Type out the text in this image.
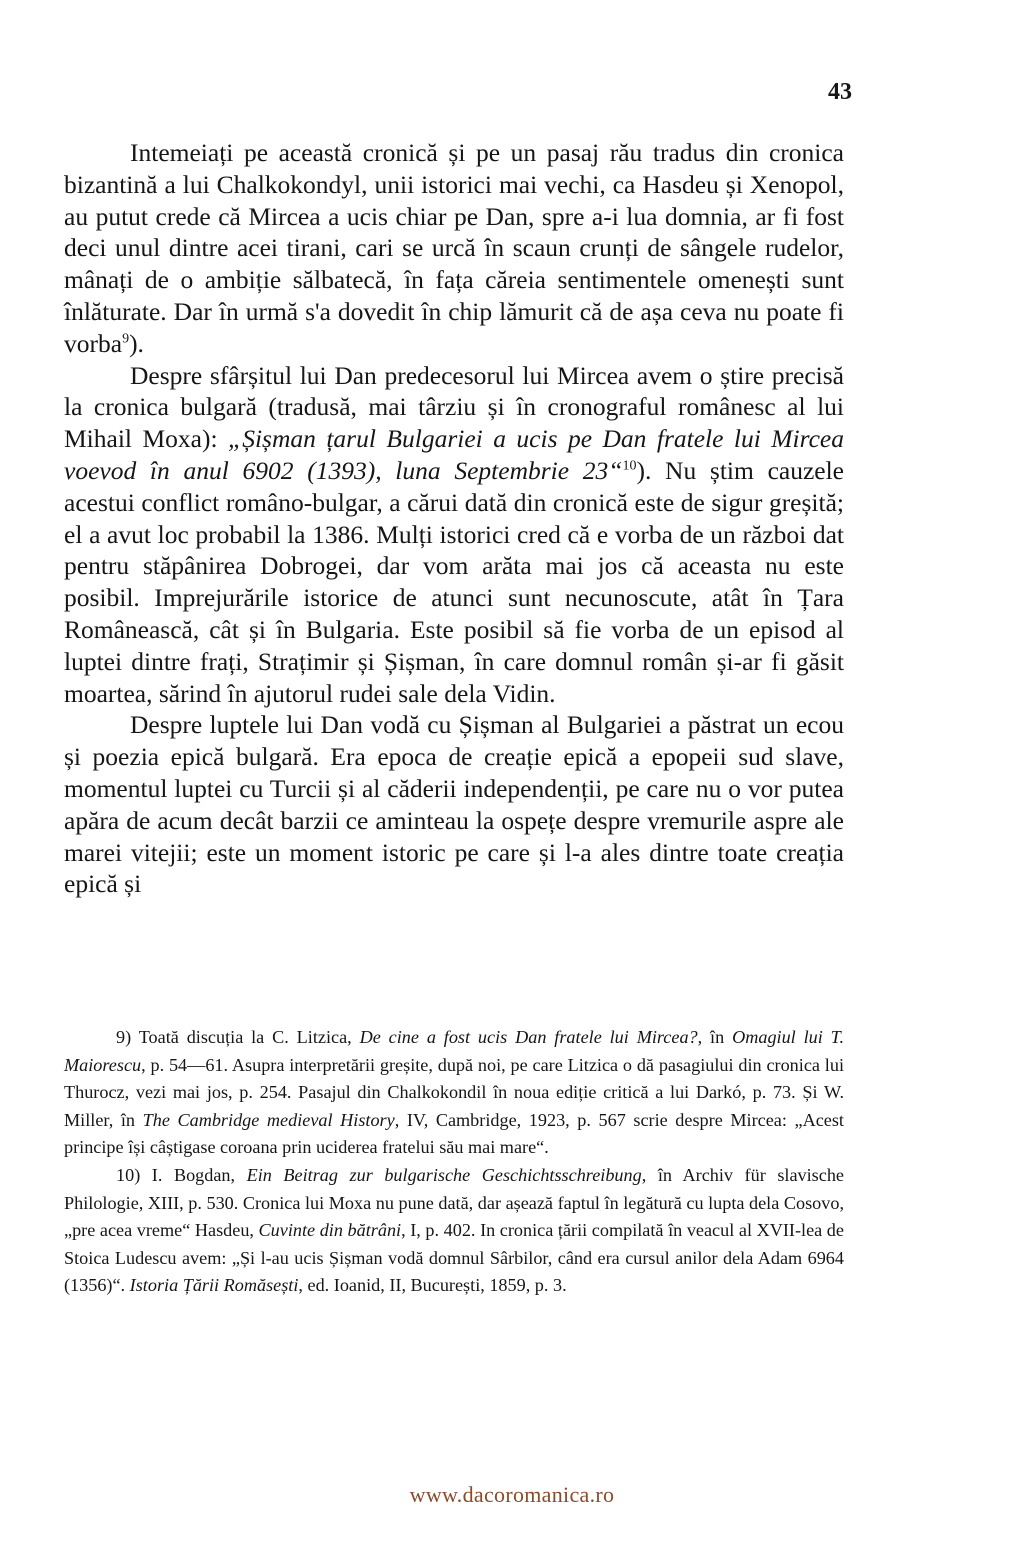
43

Intemeiați pe această cronică și pe un pasaj rău tradus din cronica bizantină a lui Chalkokondyl, unii istorici mai vechi, ca Hasdeu și Xenopol, au putut crede că Mircea a ucis chiar pe Dan, spre a-i lua domnia, ar fi fost deci unul dintre acei tirani, cari se urcă în scaun crunți de sângele rudelor, mânați de o ambiție sălbatecă, în fața căreia sentimentele omenești sunt înlăturate. Dar în urmă s'a dovedit în chip lămurit că de așa ceva nu poate fi vorba$^9$).

Despre sfârșitul lui Dan predecesorul lui Mircea avem o știre precisă la cronica bulgară (tradusă, mai târziu și în cronograful românesc al lui Mihail Moxa): „Șișman țarul Bulgariei a ucis pe Dan fratele lui Mircea voevod în anul 6902 (1393), luna Septembrie 23“$^{10}$). Nu știm cauzele acestui conflict româno-bulgar, a cărui dată din cronică este de sigur greșită; el a avut loc probabil la 1386. Mulți istorici cred că e vorba de un război dat pentru stăpânirea Dobrogei, dar vom arăta mai jos că aceasta nu este posibil. Imprejurările istorice de atunci sunt necunoscute, atât în Țara Românească, cât și în Bulgaria. Este posibil să fie vorba de un episod al luptei dintre frați, Strațimir și Șișman, în care domnul român și-ar fi găsit moartea, sărind în ajutorul rudei sale dela Vidin.

Despre luptele lui Dan vodă cu Șișman al Bulgariei a păstrat un ecou și poezia epică bulgară. Era epoca de creație epică a epopeii sud slave, momentul luptei cu Turcii și al căderii independenții, pe care nu o vor putea apăra de acum decât barzii ce aminteau la ospețe despre vremurile aspre ale marei vitejii; este un moment istoric pe care și l-a ales dintre toate creația epică și

9) Toată discuția la C. Litzica, De cine a fost ucis Dan fratele lui Mircea?, în Omagiul lui T. Maiorescu, p. 54—61. Asupra interpretării greșite, după noi, pe care Litzica o dă pasagiului din cronica lui Thurocz, vezi mai jos, p. 254. Pasajul din Chalkokondil în noua ediție critică a lui Darkó, p. 73. Și W. Miller, în The Cambridge medieval History, IV, Cambridge, 1923, p. 567 scrie despre Mircea: „Acest principe își câștigase coroana prin uciderea fratelui său mai mare“.

10) I. Bogdan, Ein Beitrag zur bulgarische Geschichtsschreibung, în Archiv für slavische Philologie, XIII, p. 530. Cronica lui Moxa nu pune dată, dar așează faptul în legătură cu lupta dela Cosovo, „pre acea vreme“ Hasdeu, Cuvinte din bătrâni, I, p. 402. In cronica țării compilată în veacul al XVII-lea de Stoica Ludescu avem: „Și l-au ucis Șișman vodă domnul Sârbilor, când era cursul anilor dela Adam 6964 (1356)“. Istoria Țării Romăsești, ed. Ioanid, II, București, 1859, p. 3.

www.dacoromanica.ro
